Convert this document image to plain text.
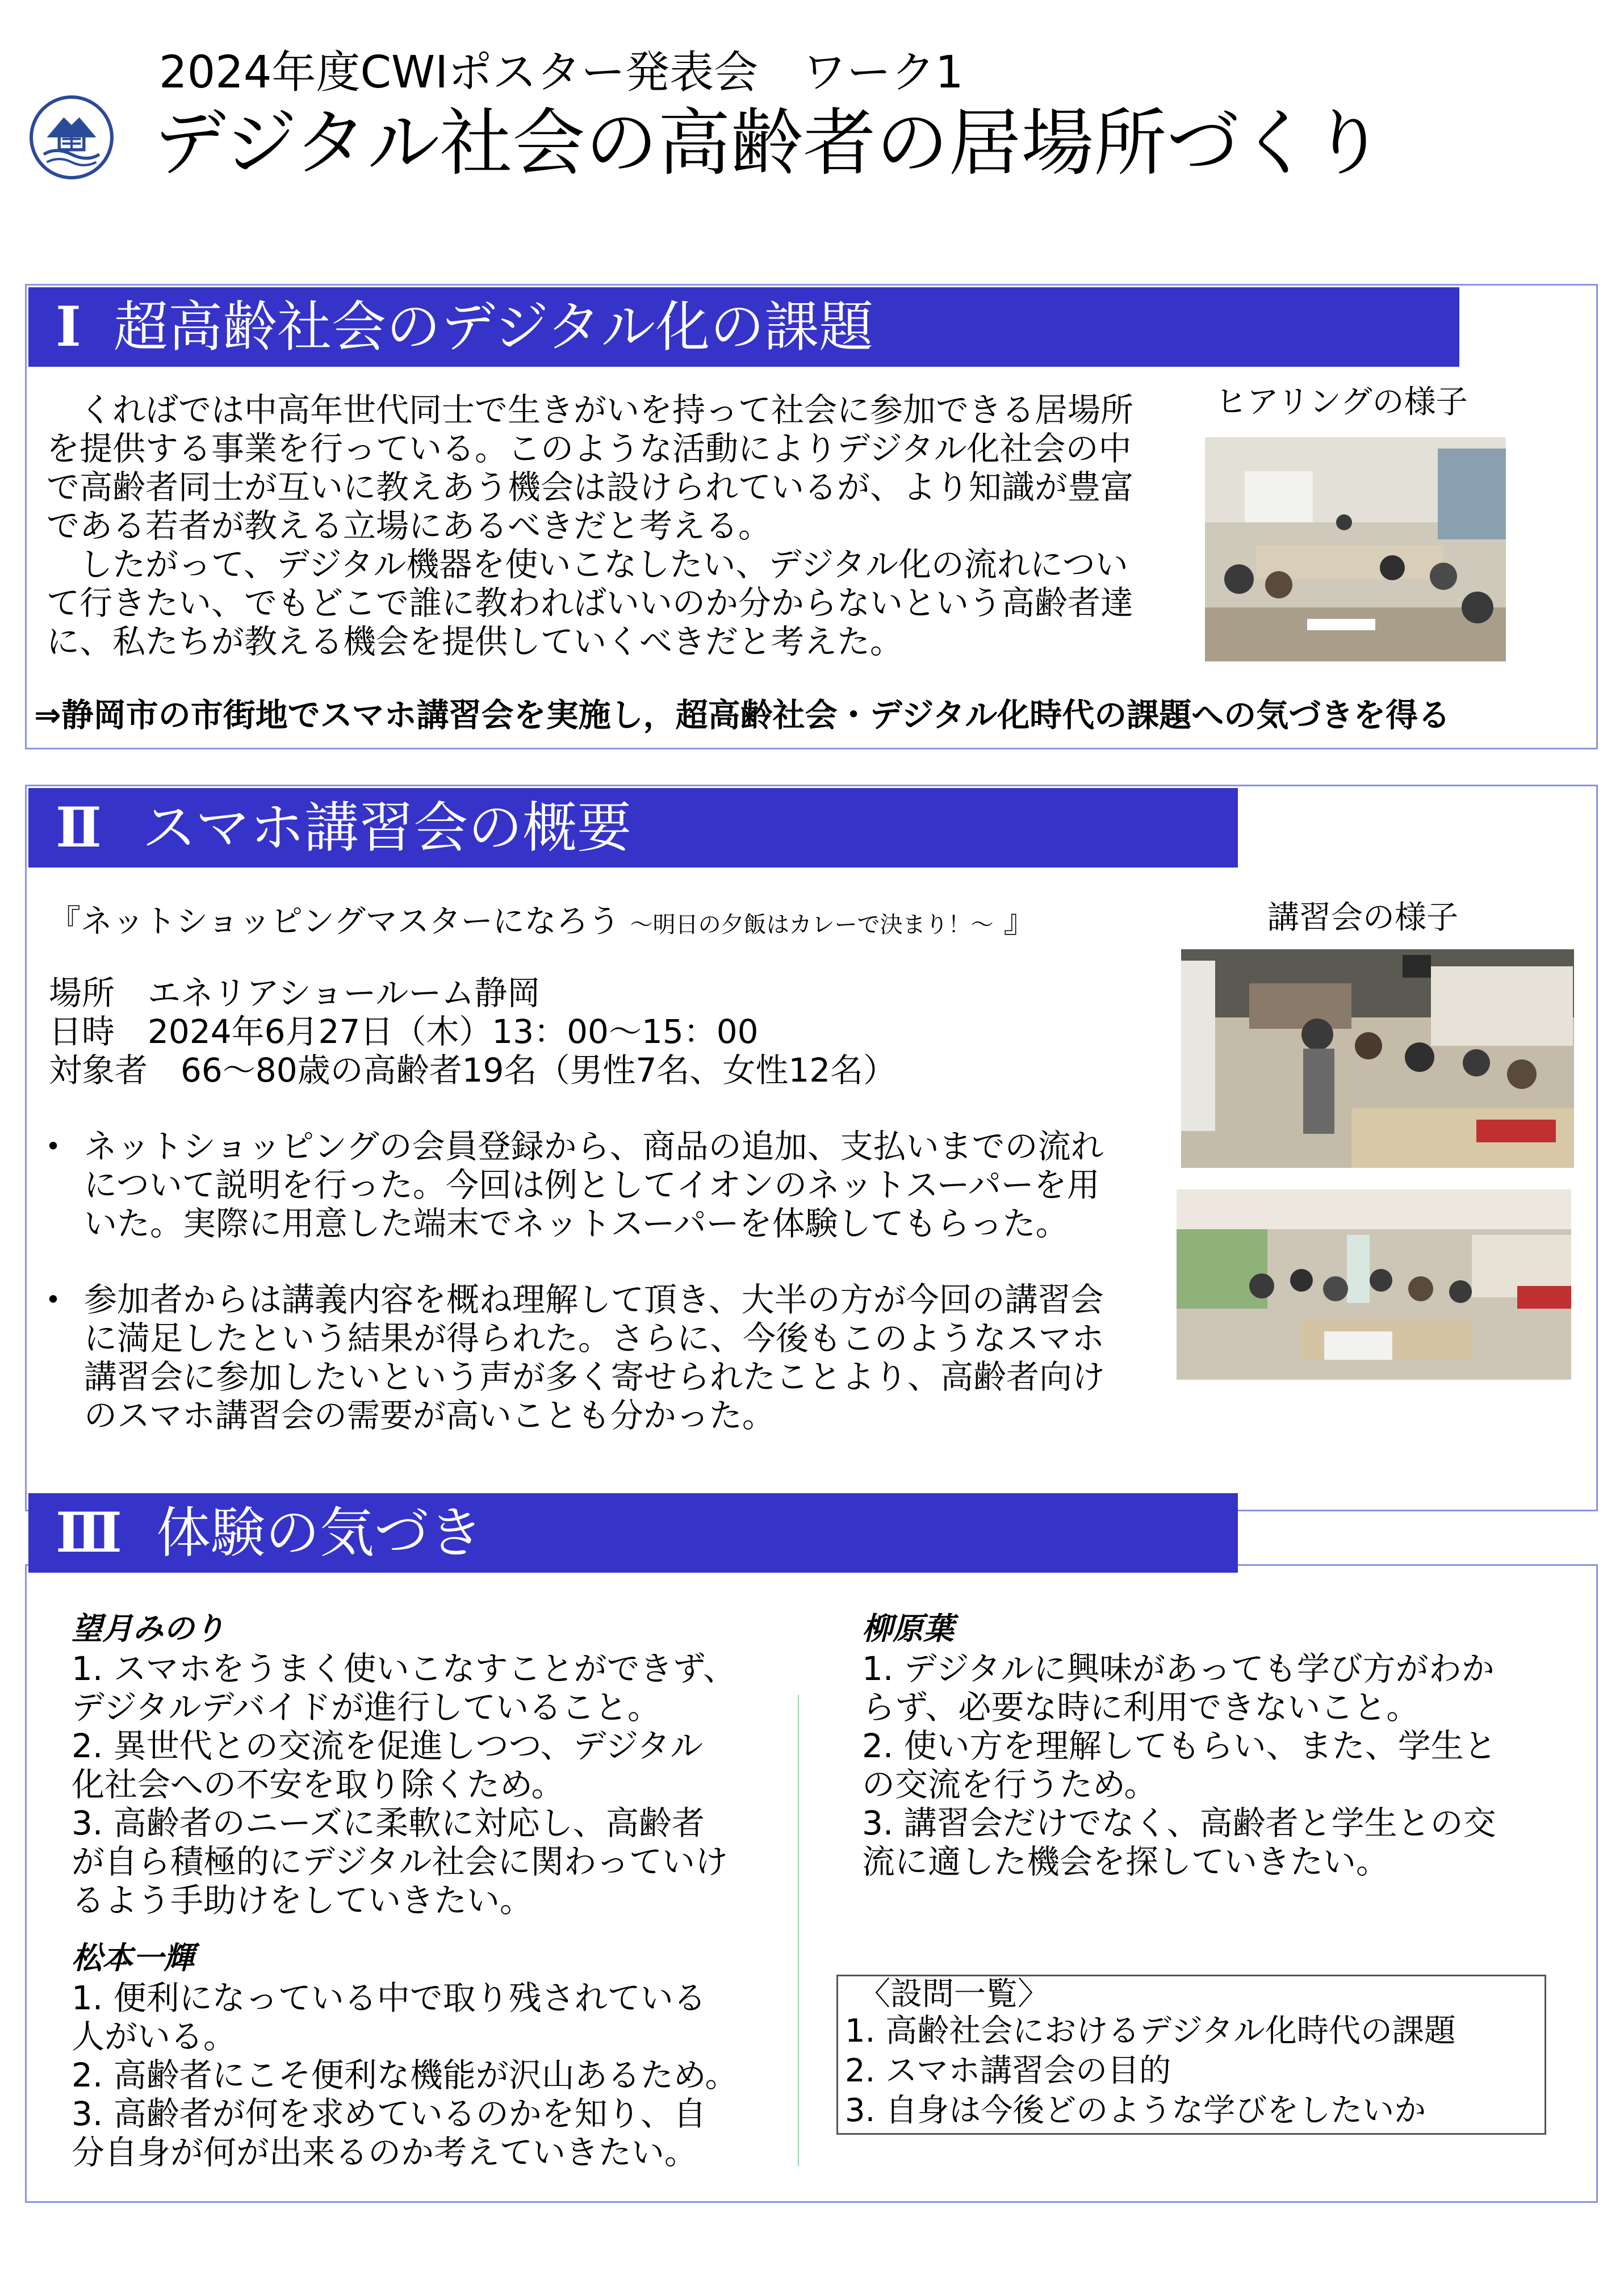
2024年度CWIポスター発表会　ワーク1
デジタル社会の高齢者の居場所づくり
Ⅰ 超高齢社会のデジタル化の課題
　くればでは中高年世代同士で生きがいを持って社会に参加できる居場所
を提供する事業を行っている。このような活動によりデジタル化社会の中
で高齢者同士が互いに教えあう機会は設けられているが、より知識が豊富
である若者が教える立場にあるべきだと考える。
　したがって、デジタル機器を使いこなしたい、デジタル化の流れについ
て行きたい、でもどこで誰に教わればいいのか分からないという高齢者達
に、私たちが教える機会を提供していくべきだと考えた。
⇒静岡市の市街地でスマホ講習会を実施し，超高齢社会・デジタル化時代の課題への気づきを得る
ヒアリングの様子
Ⅱ スマホ講習会の概要
『ネットショッピングマスターになろう ～明日の夕飯はカレーで決まり！～ 』
場所　 エネリアショールーム静岡
日時　 2024年6月27日（木）13：00～15：00
対象者　 66～80歳の高齢者19名（男性7名、女性12名）
• ネットショッピングの会員登録から、商品の追加、支払いまでの流れ
について説明を行った。今回は例としてイオンのネットスーパーを用
いた。実際に用意した端末でネットスーパーを体験してもらった。
• 参加者からは講義内容を概ね理解して頂き、大半の方が今回の講習会
に満足したという結果が得られた。さらに、今後もこのようなスマホ
講習会に参加したいという声が多く寄せられたことより、高齢者向け
のスマホ講習会の需要が高いことも分かった。
講習会の様子
Ⅲ 体験の気づき
望月みのり
1. スマホをうまく使いこなすことができず、
デジタルデバイドが進行していること。
2. 異世代との交流を促進しつつ、デジタル
化社会への不安を取り除くため。
3. 高齢者のニーズに柔軟に対応し、高齢者
が自ら積極的にデジタル社会に関わっていけ
るよう手助けをしていきたい。
松本一輝
1. 便利になっている中で取り残されている
人がいる。
2. 高齢者にこそ便利な機能が沢山あるため。
3. 高齢者が何を求めているのかを知り、自
分自身が何が出来るのか考えていきたい。
柳原葉
1. デジタルに興味があっても学び方がわか
らず、必要な時に利用できないこと。
2. 使い方を理解してもらい、また、学生と
の交流を行うため。
3. 講習会だけでなく、高齢者と学生との交
流に適した機会を探していきたい。
〈設問一覧〉
1. 高齢社会におけるデジタル化時代の課題
2. スマホ講習会の目的
3. 自身は今後どのような学びをしたいか
